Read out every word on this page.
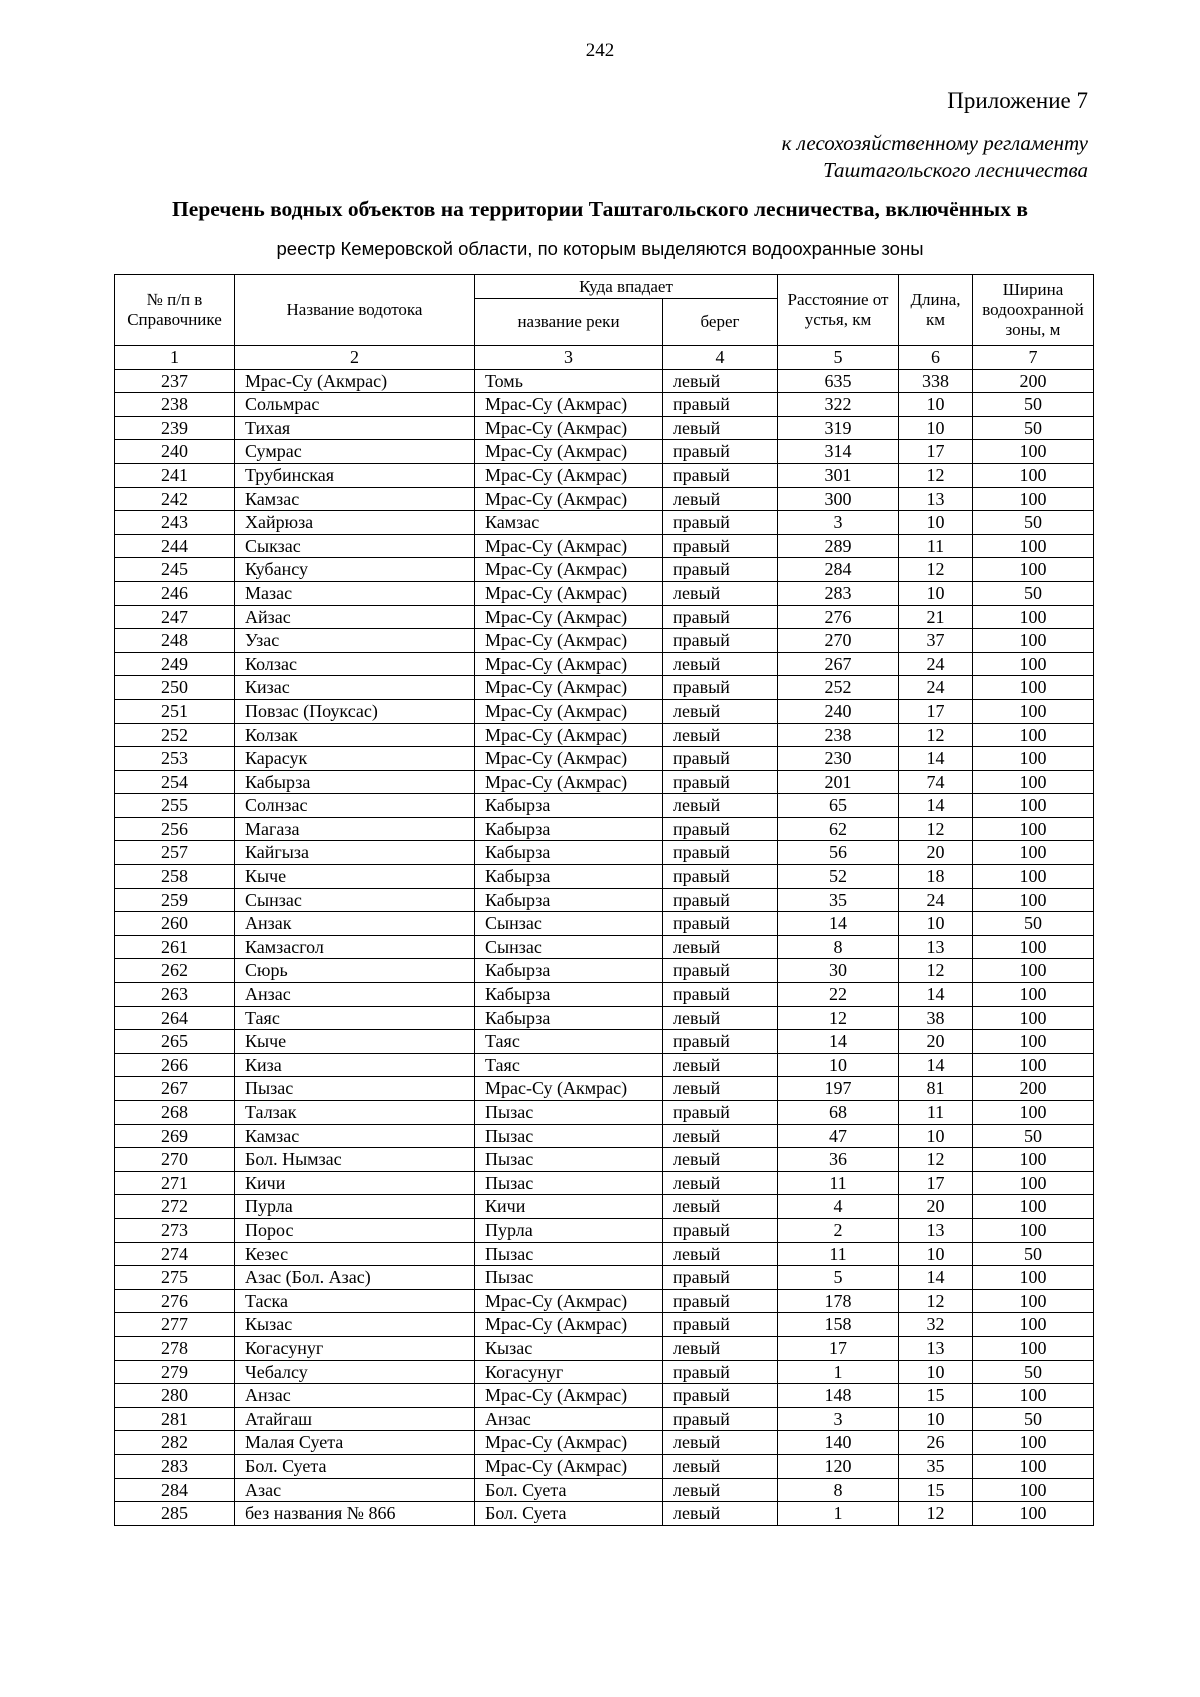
242
Приложение 7
к лесохозяйственному регламенту
Таштагольского лесничества
Перечень водных объектов на территории Таштагольского лесничества, включённых в
реестр Кемеровской области, по которым выделяются водоохранные зоны
№ п/п в Справочнике	Название водотока	Куда впадает		Расстояние от устья, км	Длина, км	Ширина водоохранной зоны, м
		название реки	берег			
1	2	3	4	5	6	7
237	Мрас-Су (Акмрас)	Томь	левый	635	338	200
238	Сольмрас	Мрас-Су (Акмрас)	правый	322	10	50
239	Тихая	Мрас-Су (Акмрас)	левый	319	10	50
240	Сумрас	Мрас-Су (Акмрас)	правый	314	17	100
241	Трубинская	Мрас-Су (Акмрас)	правый	301	12	100
242	Камзас	Мрас-Су (Акмрас)	левый	300	13	100
243	Хайрюза	Камзас	правый	3	10	50
244	Сыкзас	Мрас-Су (Акмрас)	правый	289	11	100
245	Кубансу	Мрас-Су (Акмрас)	правый	284	12	100
246	Мазас	Мрас-Су (Акмрас)	левый	283	10	50
247	Айзас	Мрас-Су (Акмрас)	правый	276	21	100
248	Узас	Мрас-Су (Акмрас)	правый	270	37	100
249	Колзас	Мрас-Су (Акмрас)	левый	267	24	100
250	Кизас	Мрас-Су (Акмрас)	правый	252	24	100
251	Повзас (Поуксас)	Мрас-Су (Акмрас)	левый	240	17	100
252	Колзак	Мрас-Су (Акмрас)	левый	238	12	100
253	Карасук	Мрас-Су (Акмрас)	правый	230	14	100
254	Кабырза	Мрас-Су (Акмрас)	правый	201	74	100
255	Солнзас	Кабырза	левый	65	14	100
256	Магаза	Кабырза	правый	62	12	100
257	Кайгыза	Кабырза	правый	56	20	100
258	Кыче	Кабырза	правый	52	18	100
259	Сынзас	Кабырза	правый	35	24	100
260	Анзак	Сынзас	правый	14	10	50
261	Камзасгол	Сынзас	левый	8	13	100
262	Сюрь	Кабырза	правый	30	12	100
263	Анзас	Кабырза	правый	22	14	100
264	Таяс	Кабырза	левый	12	38	100
265	Кыче	Таяс	правый	14	20	100
266	Киза	Таяс	левый	10	14	100
267	Пызас	Мрас-Су (Акмрас)	левый	197	81	200
268	Талзак	Пызас	правый	68	11	100
269	Камзас	Пызас	левый	47	10	50
270	Бол. Нымзас	Пызас	левый	36	12	100
271	Кичи	Пызас	левый	11	17	100
272	Пурла	Кичи	левый	4	20	100
273	Порос	Пурла	правый	2	13	100
274	Кезес	Пызас	левый	11	10	50
275	Азас (Бол. Азас)	Пызас	правый	5	14	100
276	Таска	Мрас-Су (Акмрас)	правый	178	12	100
277	Кызас	Мрас-Су (Акмрас)	правый	158	32	100
278	Когасунуг	Кызас	левый	17	13	100
279	Чебалсу	Когасунуг	правый	1	10	50
280	Анзас	Мрас-Су (Акмрас)	правый	148	15	100
281	Атайгаш	Анзас	правый	3	10	50
282	Малая Суета	Мрас-Су (Акмрас)	левый	140	26	100
283	Бол. Суета	Мрас-Су (Акмрас)	левый	120	35	100
284	Азас	Бол. Суета	левый	8	15	100
285	без названия № 866	Бол. Суета	левый	1	12	100
